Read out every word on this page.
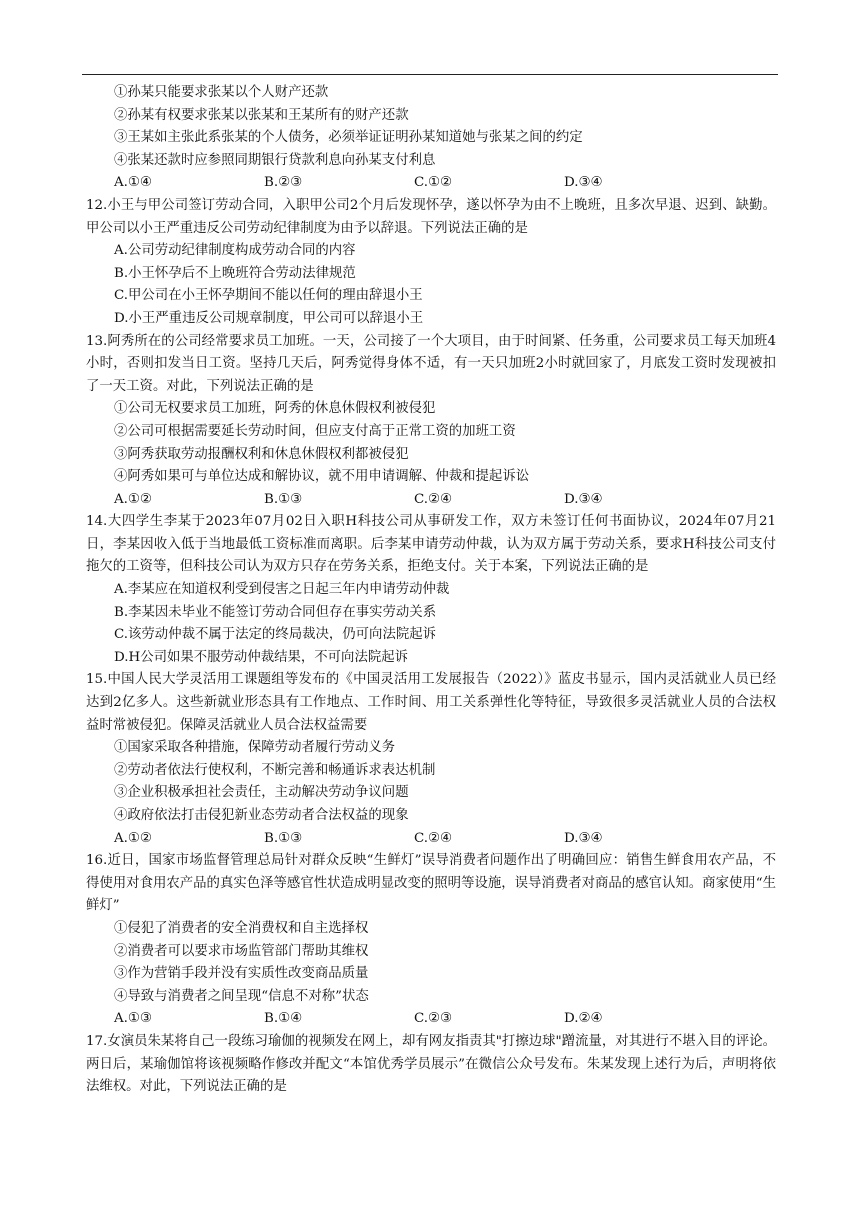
①孙某只能要求张某以个人财产还款
②孙某有权要求张某以张某和王某所有的财产还款
③王某如主张此系张某的个人债务，必须举证证明孙某知道她与张某之间的约定
④张某还款时应参照同期银行贷款利息向孙某支付利息
A.①④	B.②③	C.①②	D.③④
12.小王与甲公司签订劳动合同，入职甲公司2个月后发现怀孕，遂以怀孕为由不上晚班，且多次早退、迟到、缺勤。甲公司以小王严重违反公司劳动纪律制度为由予以辞退。下列说法正确的是
A.公司劳动纪律制度构成劳动合同的内容
B.小王怀孕后不上晚班符合劳动法律规范
C.甲公司在小王怀孕期间不能以任何的理由辞退小王
D.小王严重违反公司规章制度，甲公司可以辞退小王
13.阿秀所在的公司经常要求员工加班。一天，公司接了一个大项目，由于时间紧、任务重，公司要求员工每天加班4小时，否则扣发当日工资。坚持几天后，阿秀觉得身体不适，有一天只加班2小时就回家了，月底发工资时发现被扣了一天工资。对此，下列说法正确的是
①公司无权要求员工加班，阿秀的休息休假权利被侵犯
②公司可根据需要延长劳动时间，但应支付高于正常工资的加班工资
③阿秀获取劳动报酬权利和休息休假权利都被侵犯
④阿秀如果可与单位达成和解协议，就不用申请调解、仲裁和提起诉讼
A.①②	B.①③	C.②④	D.③④
14.大四学生李某于2023年07月02日入职H科技公司从事研发工作，双方未签订任何书面协议，2024年07月21日，李某因收入低于当地最低工资标准而离职。后李某申请劳动仲裁，认为双方属于劳动关系，要求H科技公司支付拖欠的工资等，但科技公司认为双方只存在劳务关系，拒绝支付。关于本案，下列说法正确的是
A.李某应在知道权利受到侵害之日起三年内申请劳动仲裁
B.李某因未毕业不能签订劳动合同但存在事实劳动关系
C.该劳动仲裁不属于法定的终局裁决，仍可向法院起诉
D.H公司如果不服劳动仲裁结果，不可向法院起诉
15.中国人民大学灵活用工课题组等发布的《中国灵活用工发展报告（2022）》蓝皮书显示，国内灵活就业人员已经达到2亿多人。这些新就业形态具有工作地点、工作时间、用工关系弹性化等特征，导致很多灵活就业人员的合法权益时常被侵犯。保障灵活就业人员合法权益需要
①国家采取各种措施，保障劳动者履行劳动义务
②劳动者依法行使权利，不断完善和畅通诉求表达机制
③企业积极承担社会责任，主动解决劳动争议问题
④政府依法打击侵犯新业态劳动者合法权益的现象
A.①②	B.①③	C.②④	D.③④
16.近日，国家市场监督管理总局针对群众反映“生鲜灯”误导消费者问题作出了明确回应：销售生鲜食用农产品，不得使用对食用农产品的真实色泽等感官性状造成明显改变的照明等设施，误导消费者对商品的感官认知。商家使用“生鲜灯”
①侵犯了消费者的安全消费权和自主选择权
②消费者可以要求市场监管部门帮助其维权
③作为营销手段并没有实质性改变商品质量
④导致与消费者之间呈现“信息不对称”状态
A.①③	B.①④	C.②③	D.②④
17.女演员朱某将自己一段练习瑜伽的视频发在网上，却有网友指责其"打擦边球"蹭流量，对其进行不堪入目的评论。两日后，某瑜伽馆将该视频略作修改并配文“本馆优秀学员展示”在微信公众号发布。朱某发现上述行为后，声明将依法维权。对此，下列说法正确的是
